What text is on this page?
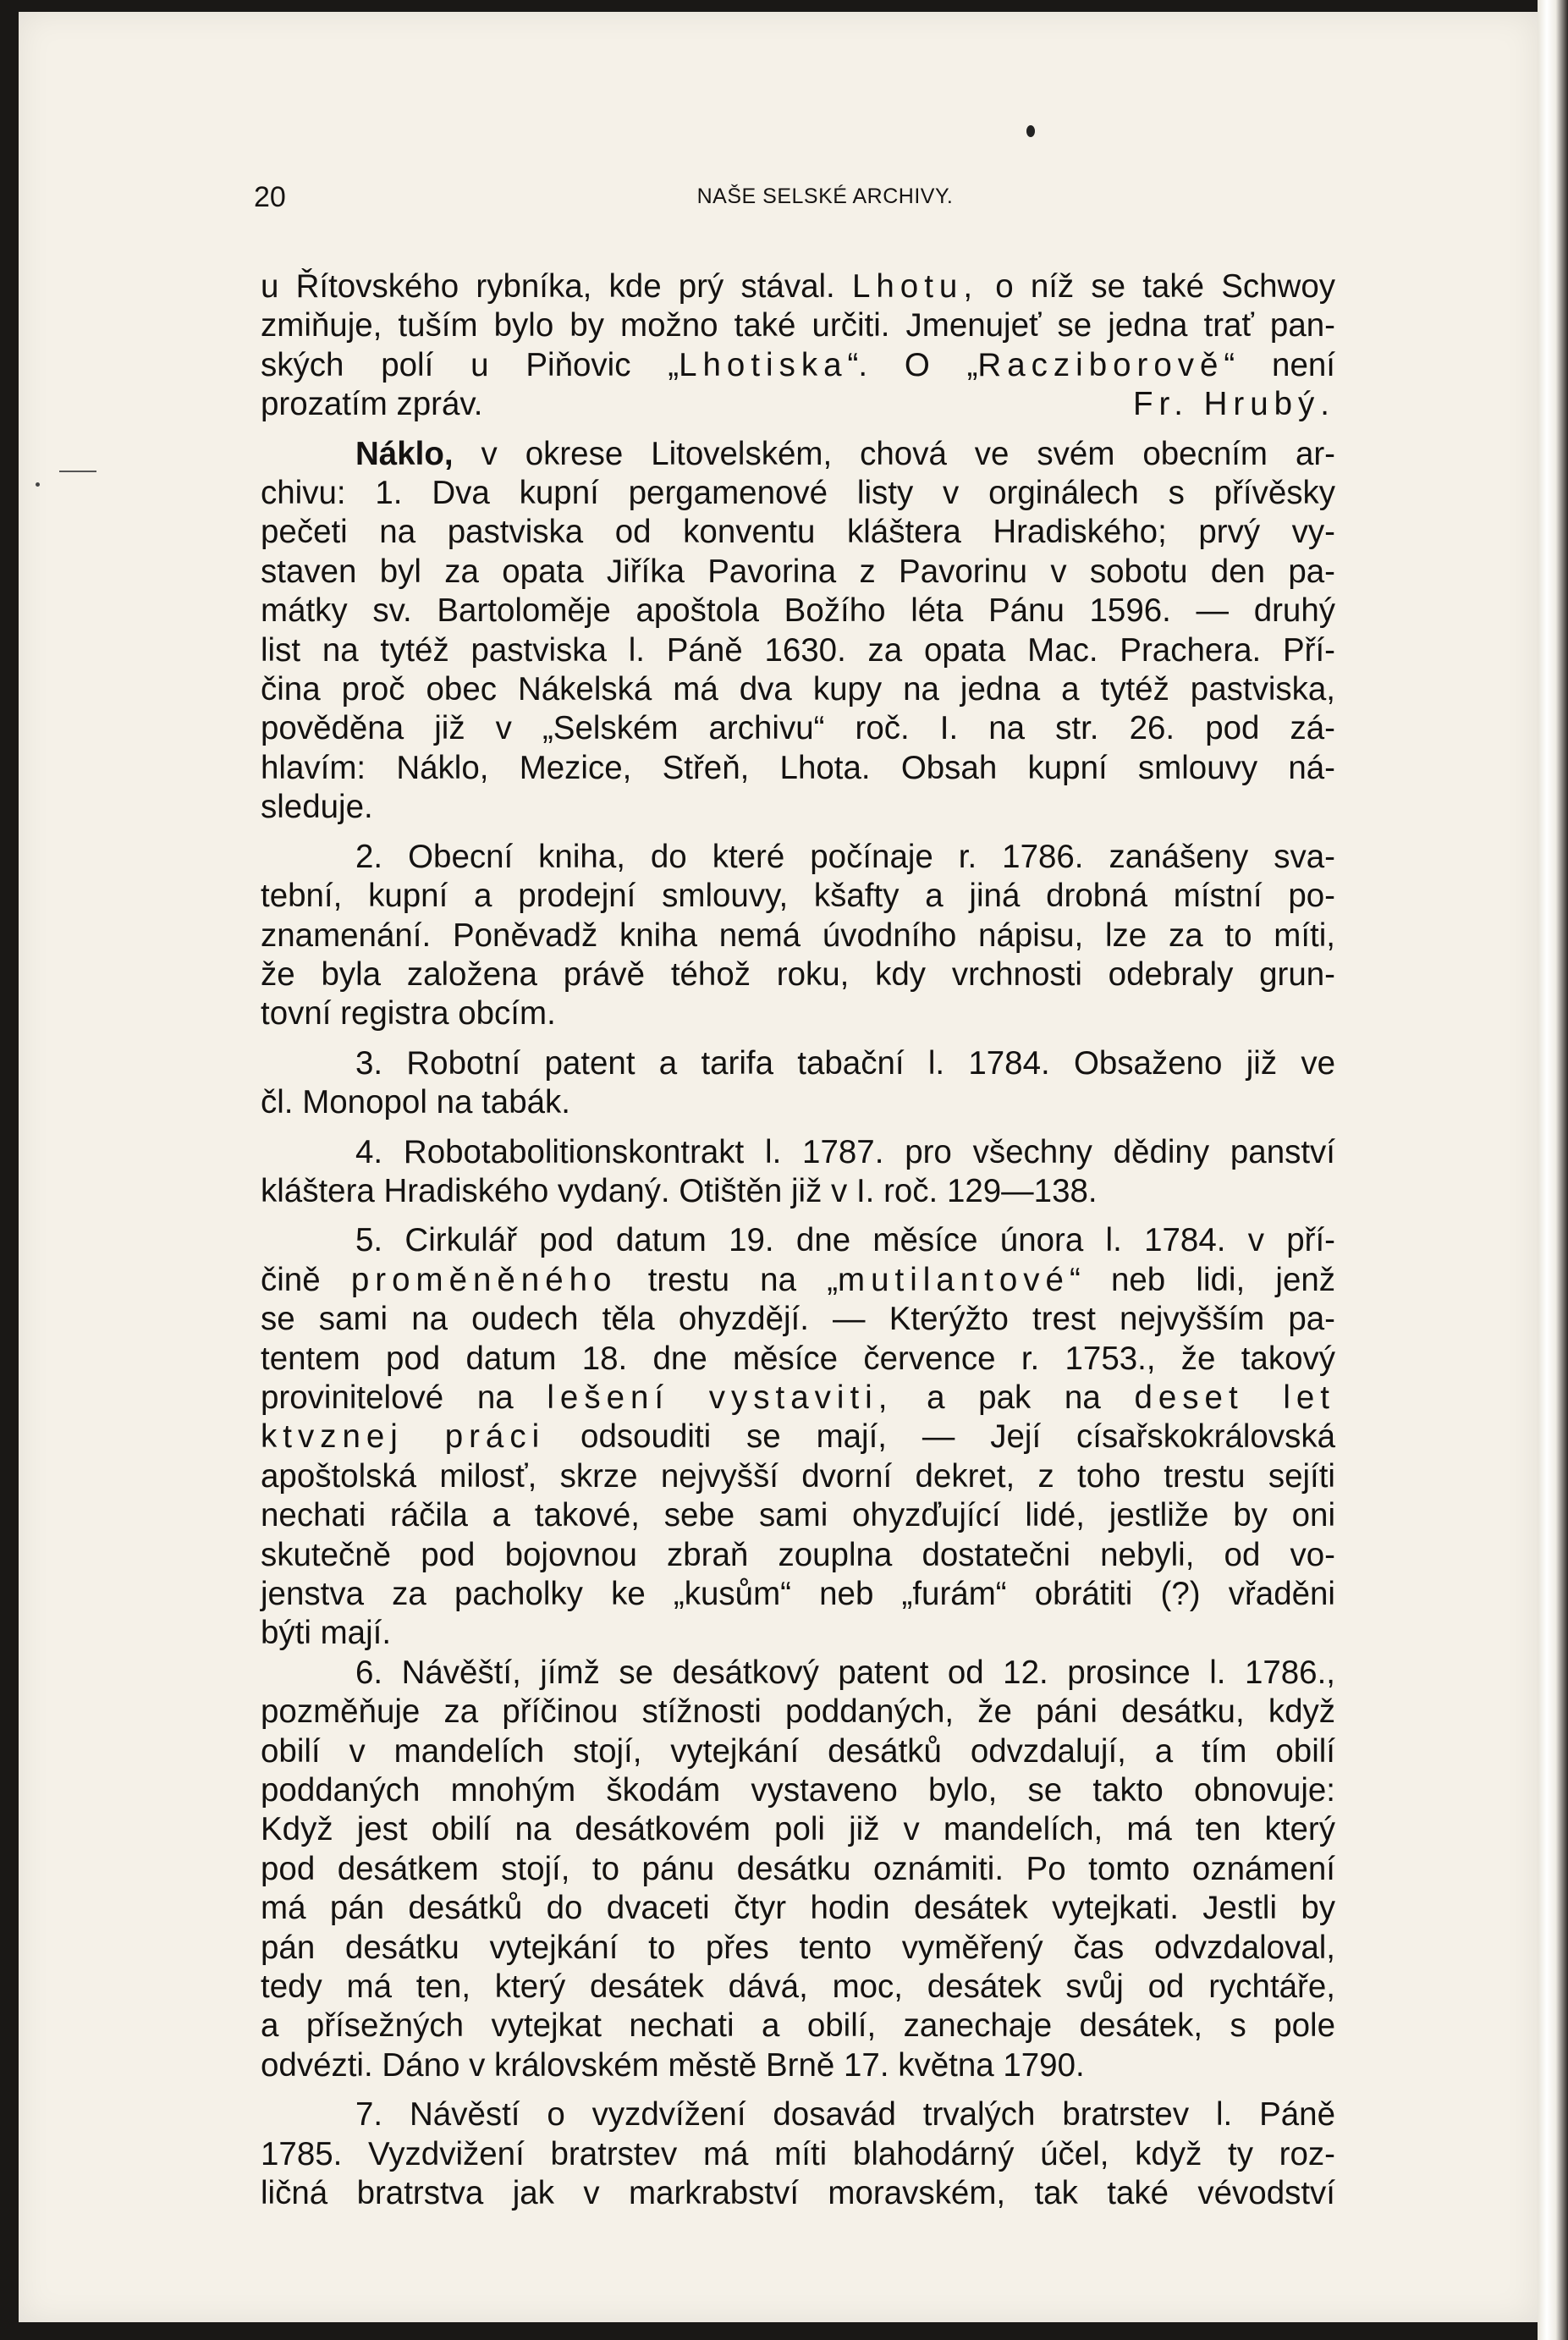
20	NAŠE SELSKÉ ARCHIVY.

u Řítovského rybníka, kde prý stával. Lhotu, o níž se také Schwoy

zmiňuje, tuším bylo by možno také určiti. Jmenujeť se jedna trať pan-

ských polí u Piňovic „Lhotiska“. O „Racziborově“ není

prozatím zpráv.	Fr. Hrubý.

Náklo, v okrese Litovelském, chová ve svém obecním ar-

chivu: 1. Dva kupní pergamenové listy v orginálech s přívěsky

pečeti na pastviska od konventu kláštera Hradiského; prvý vy-

staven byl za opata Jiříka Pavorina z Pavorinu v sobotu den pa-

mátky sv. Bartoloměje apoštola Božího léta Pánu 1596. — druhý

list na tytéž pastviska l. Páně 1630. za opata Mac. Prachera. Pří-

čina proč obec Nákelská má dva kupy na jedna a tytéž pastviska,

pověděna již v „Selském archivu“ roč. I. na str. 26. pod zá-

hlavím: Náklo, Mezice, Střeň, Lhota. Obsah kupní smlouvy ná-

sleduje.

2. Obecní kniha, do které počínaje r. 1786. zanášeny sva-

tební, kupní a prodejní smlouvy, kšafty a jiná drobná místní po-

znamenání. Poněvadž kniha nemá úvodního nápisu, lze za to míti,

že byla založena právě téhož roku, kdy vrchnosti odebraly grun-

tovní registra obcím.

3. Robotní patent a tarifa tabační l. 1784. Obsaženo již ve

čl. Monopol na tabák.

4. Robotabolitionskontrakt l. 1787. pro všechny dědiny panství

kláštera Hradiského vydaný. Otištěn již v I. roč. 129—138.

5. Cirkulář pod datum 19. dne měsíce února l. 1784. v pří-

čině proměněného trestu na „mutilantové“ neb lidi, jenž

se sami na oudech těla ohyzdějí. — Kterýžto trest nejvyšším pa-

tentem pod datum 18. dne měsíce července r. 1753., že takový

provinitelové na lešení vystaviti, a pak na deset let

ktvznej práci odsouditi se mají, — Její císařskokrálovská

apoštolská milosť, skrze nejvyšší dvorní dekret, z toho trestu sejíti

nechati ráčila a takové, sebe sami ohyzďující lidé, jestliže by oni

skutečně pod bojovnou zbraň zouplna dostatečni nebyli, od vo-

jenstva za pacholky ke „kusům“ neb „furám“ obrátiti (?) vřaděni

býti mají.

6. Návěští, jímž se desátkový patent od 12. prosince l. 1786.,

pozměňuje za příčinou stížnosti poddaných, že páni desátku, když

obilí v mandelích stojí, vytejkání desátků odvzdalují, a tím obilí

poddaných mnohým škodám vystaveno bylo, se takto obnovuje:

Když jest obilí na desátkovém poli již v mandelích, má ten který

pod desátkem stojí, to pánu desátku oznámiti. Po tomto oznámení

má pán desátků do dvaceti čtyr hodin desátek vytejkati. Jestli by

pán desátku vytejkání to přes tento vyměřený čas odvzdaloval,

tedy má ten, který desátek dává, moc, desátek svůj od rychtáře,

a přísežných vytejkat nechati a obilí, zanechaje desátek, s pole

odvézti. Dáno v královském městě Brně 17. května 1790.

7. Návěstí o vyzdvížení dosavád trvalých bratrstev l. Páně

1785. Vyzdvižení bratrstev má míti blahodárný účel, když ty roz-

ličná bratrstva jak v markrabství moravském, tak také vévodství
